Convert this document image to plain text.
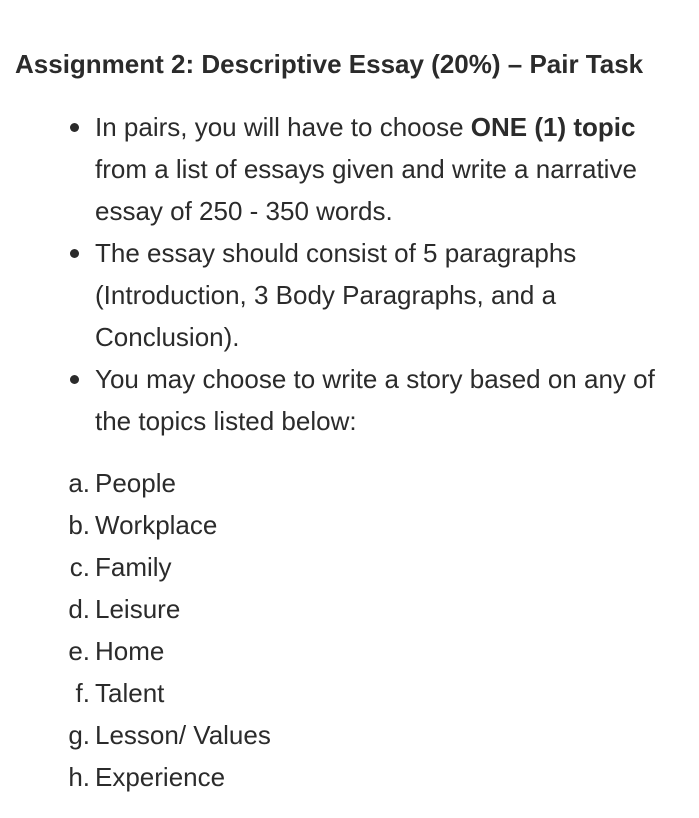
Assignment 2: Descriptive Essay (20%) – Pair Task
In pairs, you will have to choose ONE (1) topic from a list of essays given and write a narrative essay of 250 - 350 words.
The essay should consist of 5 paragraphs (Introduction, 3 Body Paragraphs, and a Conclusion).
You may choose to write a story based on any of the topics listed below:
a. People
b. Workplace
c. Family
d. Leisure
e. Home
f. Talent
g. Lesson/ Values
h. Experience
